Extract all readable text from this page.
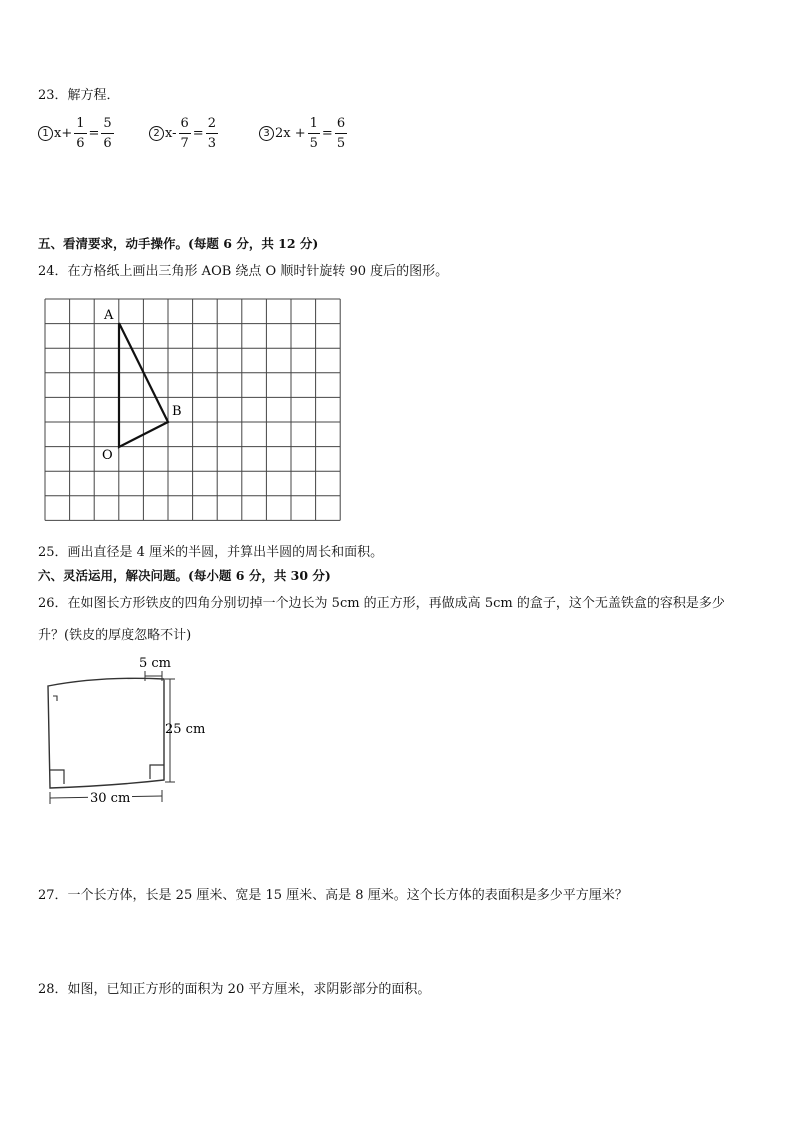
23．解方程．
1 $x+ \frac{1}{6} = \frac{5}{6}$	2 $x- \frac{6}{7} = \frac{2}{3}$	3 $2x + \frac{1}{5} = \frac{6}{5}$
五、看清要求，动手操作。(每题 6 分，共 12 分)
24．在方格纸上画出三角形 AOB 绕点 O 顺时针旋转 90 度后的图形。
A
B
O
25．画出直径是 4 厘米的半圆，并算出半圆的周长和面积。
六、灵活运用，解决问题。(每小题 6 分，共 30 分)
26．在如图长方形铁皮的四角分别切掉一个边长为 5cm 的正方形，再做成高 5cm 的盒子，这个无盖铁盒的容积是多少
升？(铁皮的厚度忽略不计)
5 cm
25 cm
30 cm
27．一个长方体，长是 25 厘米、宽是 15 厘米、高是 8 厘米。这个长方体的表面积是多少平方厘米？
28．如图，已知正方形的面积为 20 平方厘米，求阴影部分的面积。
